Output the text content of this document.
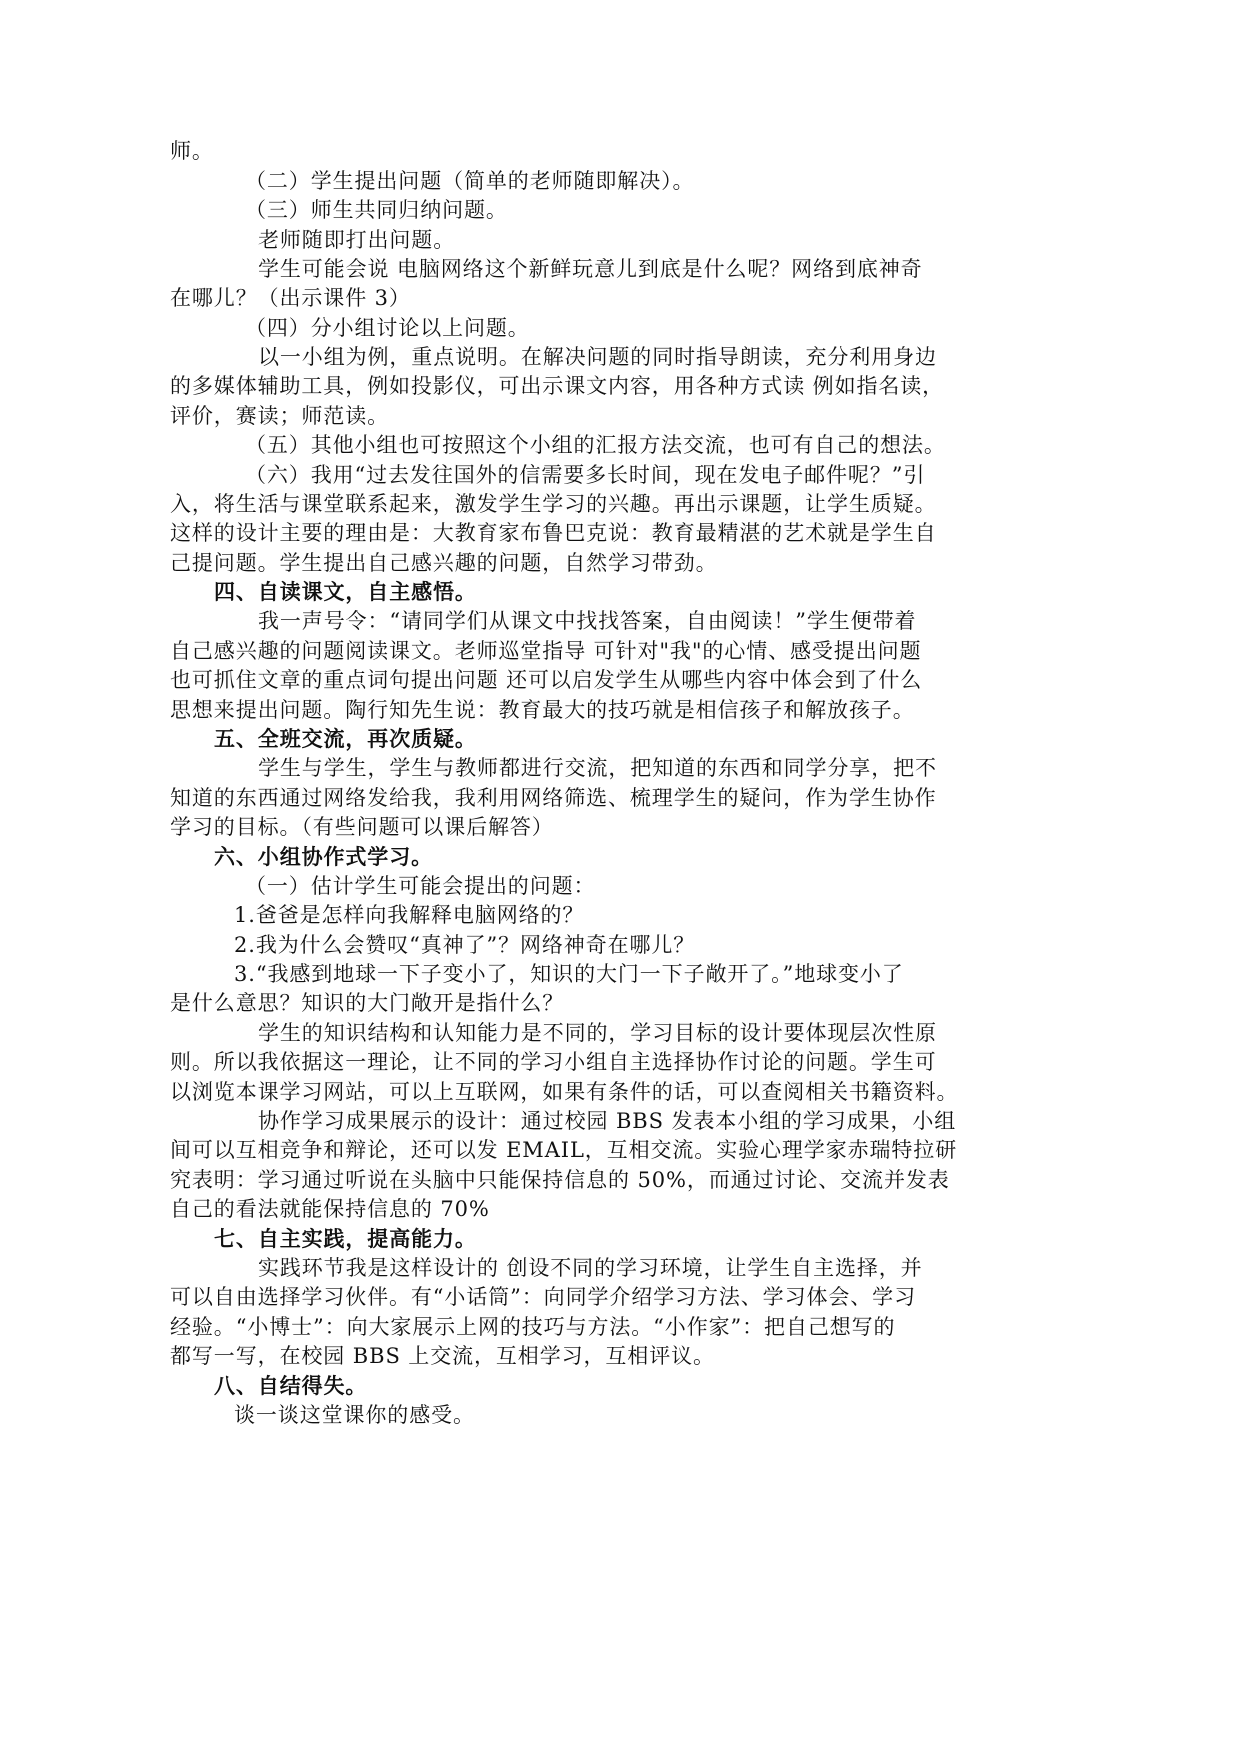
师。
（二）学生提出问题（简单的老师随即解决）。
（三）师生共同归纳问题。
老师随即打出问题。
学生可能会说 电脑网络这个新鲜玩意儿到底是什么呢？网络到底神奇
在哪儿？（出示课件 3）
（四）分小组讨论以上问题。
以一小组为例，重点说明。在解决问题的同时指导朗读，充分利用身边
的多媒体辅助工具，例如投影仪，可出示课文内容，用各种方式读 例如指名读，
评价，赛读；师范读。
（五）其他小组也可按照这个小组的汇报方法交流，也可有自己的想法。
（六）我用“过去发往国外的信需要多长时间，现在发电子邮件呢？”引
入，将生活与课堂联系起来，激发学生学习的兴趣。再出示课题，让学生质疑。
这样的设计主要的理由是：大教育家布鲁巴克说：教育最精湛的艺术就是学生自
己提问题。学生提出自己感兴趣的问题，自然学习带劲。
四、自读课文，自主感悟。
我一声号令：“请同学们从课文中找找答案，自由阅读！”学生便带着
自己感兴趣的问题阅读课文。老师巡堂指导 可针对"我"的心情、感受提出问题
也可抓住文章的重点词句提出问题 还可以启发学生从哪些内容中体会到了什么
思想来提出问题。陶行知先生说：教育最大的技巧就是相信孩子和解放孩子。
五、全班交流，再次质疑。
学生与学生，学生与教师都进行交流，把知道的东西和同学分享，把不
知道的东西通过网络发给我，我利用网络筛选、梳理学生的疑问，作为学生协作
学习的目标。（有些问题可以课后解答）
六、小组协作式学习。
（一）估计学生可能会提出的问题：
1.爸爸是怎样向我解释电脑网络的？
2.我为什么会赞叹“真神了”？网络神奇在哪儿？
3.“我感到地球一下子变小了，知识的大门一下子敞开了。”地球变小了
是什么意思？知识的大门敞开是指什么？
学生的知识结构和认知能力是不同的，学习目标的设计要体现层次性原
则。所以我依据这一理论，让不同的学习小组自主选择协作讨论的问题。学生可
以浏览本课学习网站，可以上互联网，如果有条件的话，可以查阅相关书籍资料。
协作学习成果展示的设计：通过校园 BBS 发表本小组的学习成果，小组
间可以互相竞争和辩论，还可以发 EMAIL，互相交流。实验心理学家赤瑞特拉研
究表明：学习通过听说在头脑中只能保持信息的 50%，而通过讨论、交流并发表
自己的看法就能保持信息的 70%
七、自主实践，提高能力。
实践环节我是这样设计的 创设不同的学习环境，让学生自主选择，并
可以自由选择学习伙伴。有“小话筒”：向同学介绍学习方法、学习体会、学习
经验。“小博士”：向大家展示上网的技巧与方法。“小作家”：把自己想写的
都写一写，在校园 BBS 上交流，互相学习，互相评议。
八、自结得失。
谈一谈这堂课你的感受。
